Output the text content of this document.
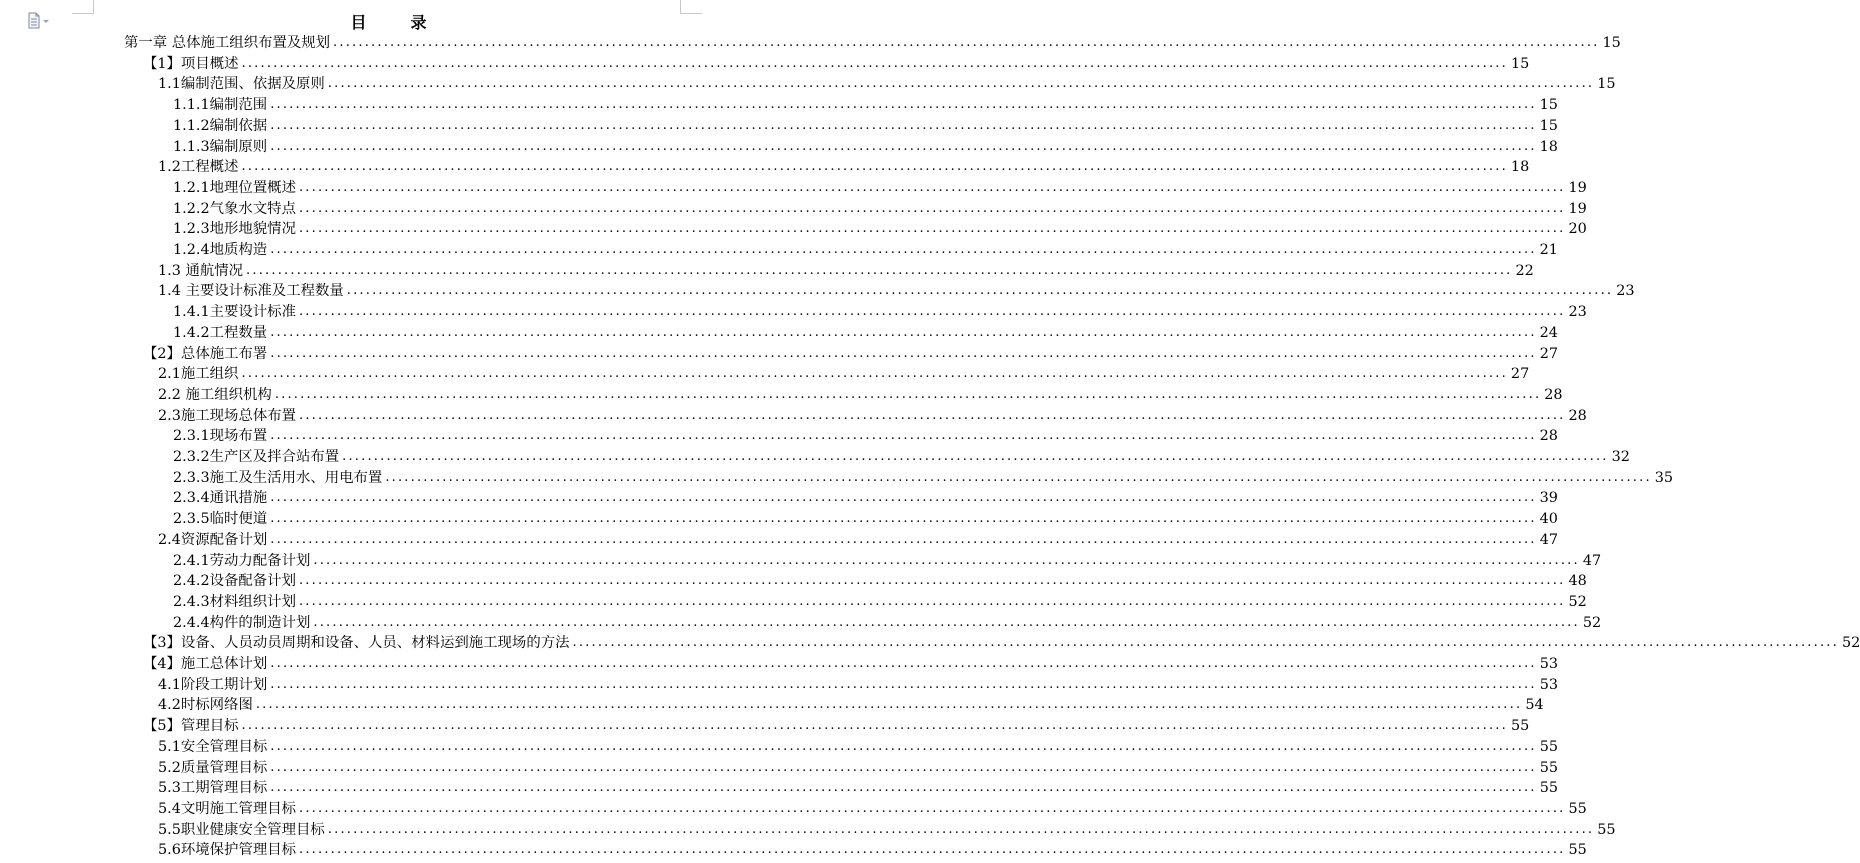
目　录
第一章 总体施工组织布置及规划 ........................................................................................................................................................................................................ 15
【1】项目概述 ........................................................................................................................................................................................................ 15
1.1编制范围、依据及原则 ........................................................................................................................................................................................................ 15
1.1.1编制范围 ........................................................................................................................................................................................................ 15
1.1.2编制依据 ........................................................................................................................................................................................................ 15
1.1.3编制原则 ........................................................................................................................................................................................................ 18
1.2工程概述 ........................................................................................................................................................................................................ 18
1.2.1地理位置概述 ........................................................................................................................................................................................................ 19
1.2.2气象水文特点 ........................................................................................................................................................................................................ 19
1.2.3地形地貌情况 ........................................................................................................................................................................................................ 20
1.2.4地质构造 ........................................................................................................................................................................................................ 21
1.3 通航情况 ........................................................................................................................................................................................................ 22
1.4 主要设计标准及工程数量 ........................................................................................................................................................................................................ 23
1.4.1主要设计标准 ........................................................................................................................................................................................................ 23
1.4.2工程数量 ........................................................................................................................................................................................................ 24
【2】总体施工布署 ........................................................................................................................................................................................................ 27
2.1施工组织 ........................................................................................................................................................................................................ 27
2.2 施工组织机构 ........................................................................................................................................................................................................ 28
2.3施工现场总体布置 ........................................................................................................................................................................................................ 28
2.3.1现场布置 ........................................................................................................................................................................................................ 28
2.3.2生产区及拌合站布置 ........................................................................................................................................................................................................ 32
2.3.3施工及生活用水、用电布置 ........................................................................................................................................................................................................ 35
2.3.4通讯措施 ........................................................................................................................................................................................................ 39
2.3.5临时便道 ........................................................................................................................................................................................................ 40
2.4资源配备计划 ........................................................................................................................................................................................................ 47
2.4.1劳动力配备计划 ........................................................................................................................................................................................................ 47
2.4.2设备配备计划 ........................................................................................................................................................................................................ 48
2.4.3材料组织计划 ........................................................................................................................................................................................................ 52
2.4.4构件的制造计划 ........................................................................................................................................................................................................ 52
【3】设备、人员动员周期和设备、人员、材料运到施工现场的方法 ........................................................................................................................................................................................................ 52
【4】施工总体计划 ........................................................................................................................................................................................................ 53
4.1阶段工期计划 ........................................................................................................................................................................................................ 53
4.2时标网络图 ........................................................................................................................................................................................................ 54
【5】管理目标 ........................................................................................................................................................................................................ 55
5.1安全管理目标 ........................................................................................................................................................................................................ 55
5.2质量管理目标 ........................................................................................................................................................................................................ 55
5.3工期管理目标 ........................................................................................................................................................................................................ 55
5.4文明施工管理目标 ........................................................................................................................................................................................................ 55
5.5职业健康安全管理目标 ........................................................................................................................................................................................................ 55
5.6环境保护管理目标 ........................................................................................................................................................................................................ 55
